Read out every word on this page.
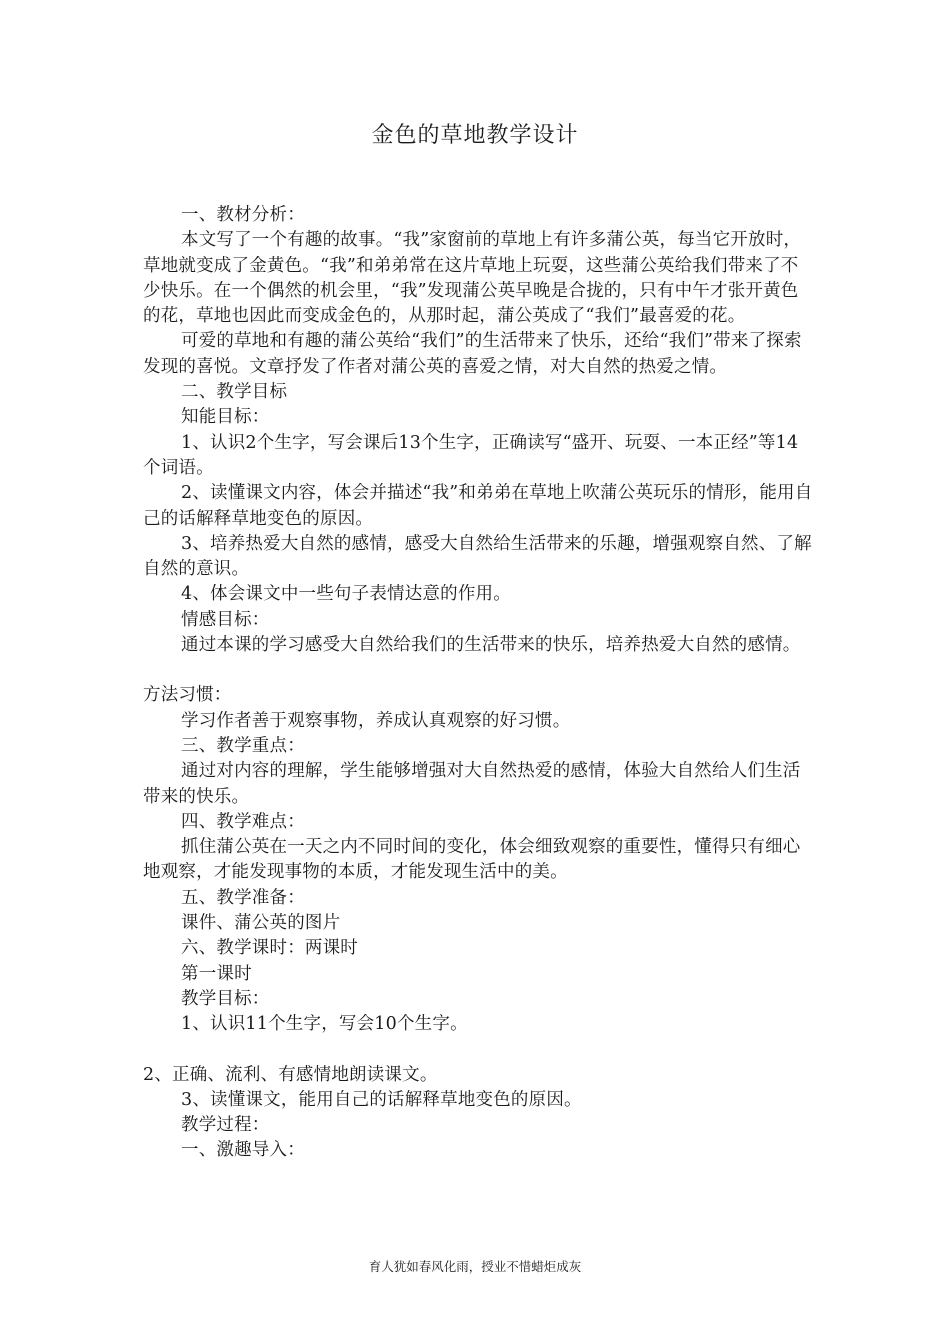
金色的草地教学设计

一、教材分析：

本文写了一个有趣的故事。“我”家窗前的草地上有许多蒲公英，每当它开放时，草地就变成了金黄色。“我”和弟弟常在这片草地上玩耍，这些蒲公英给我们带来了不少快乐。在一个偶然的机会里，“我”发现蒲公英早晚是合拢的，只有中午才张开黄色的花，草地也因此而变成金色的，从那时起，蒲公英成了“我们”最喜爱的花。

可爱的草地和有趣的蒲公英给“我们”的生活带来了快乐，还给“我们”带来了探索发现的喜悦。文章抒发了作者对蒲公英的喜爱之情，对大自然的热爱之情。

二、教学目标

知能目标：

1、认识2个生字，写会课后13个生字，正确读写“盛开、玩耍、一本正经”等14个词语。

2、读懂课文内容，体会并描述“我”和弟弟在草地上吹蒲公英玩乐的情形，能用自己的话解释草地变色的原因。

3、培养热爱大自然的感情，感受大自然给生活带来的乐趣，增强观察自然、了解自然的意识。

4、体会课文中一些句子表情达意的作用。

情感目标：

通过本课的学习感受大自然给我们的生活带来的快乐，培养热爱大自然的感情。

方法习惯：

学习作者善于观察事物，养成认真观察的好习惯。

三、教学重点：

通过对内容的理解，学生能够增强对大自然热爱的感情，体验大自然给人们生活带来的快乐。

四、教学难点：

抓住蒲公英在一天之内不同时间的变化，体会细致观察的重要性，懂得只有细心地观察，才能发现事物的本质，才能发现生活中的美。

五、教学准备：

课件、蒲公英的图片

六、教学课时：两课时

第一课时

教学目标：

1、认识11个生字，写会10个生字。

2、正确、流利、有感情地朗读课文。

3、读懂课文，能用自己的话解释草地变色的原因。

教学过程：

一、激趣导入：

育人犹如春风化雨，授业不惜蜡炬成灰
